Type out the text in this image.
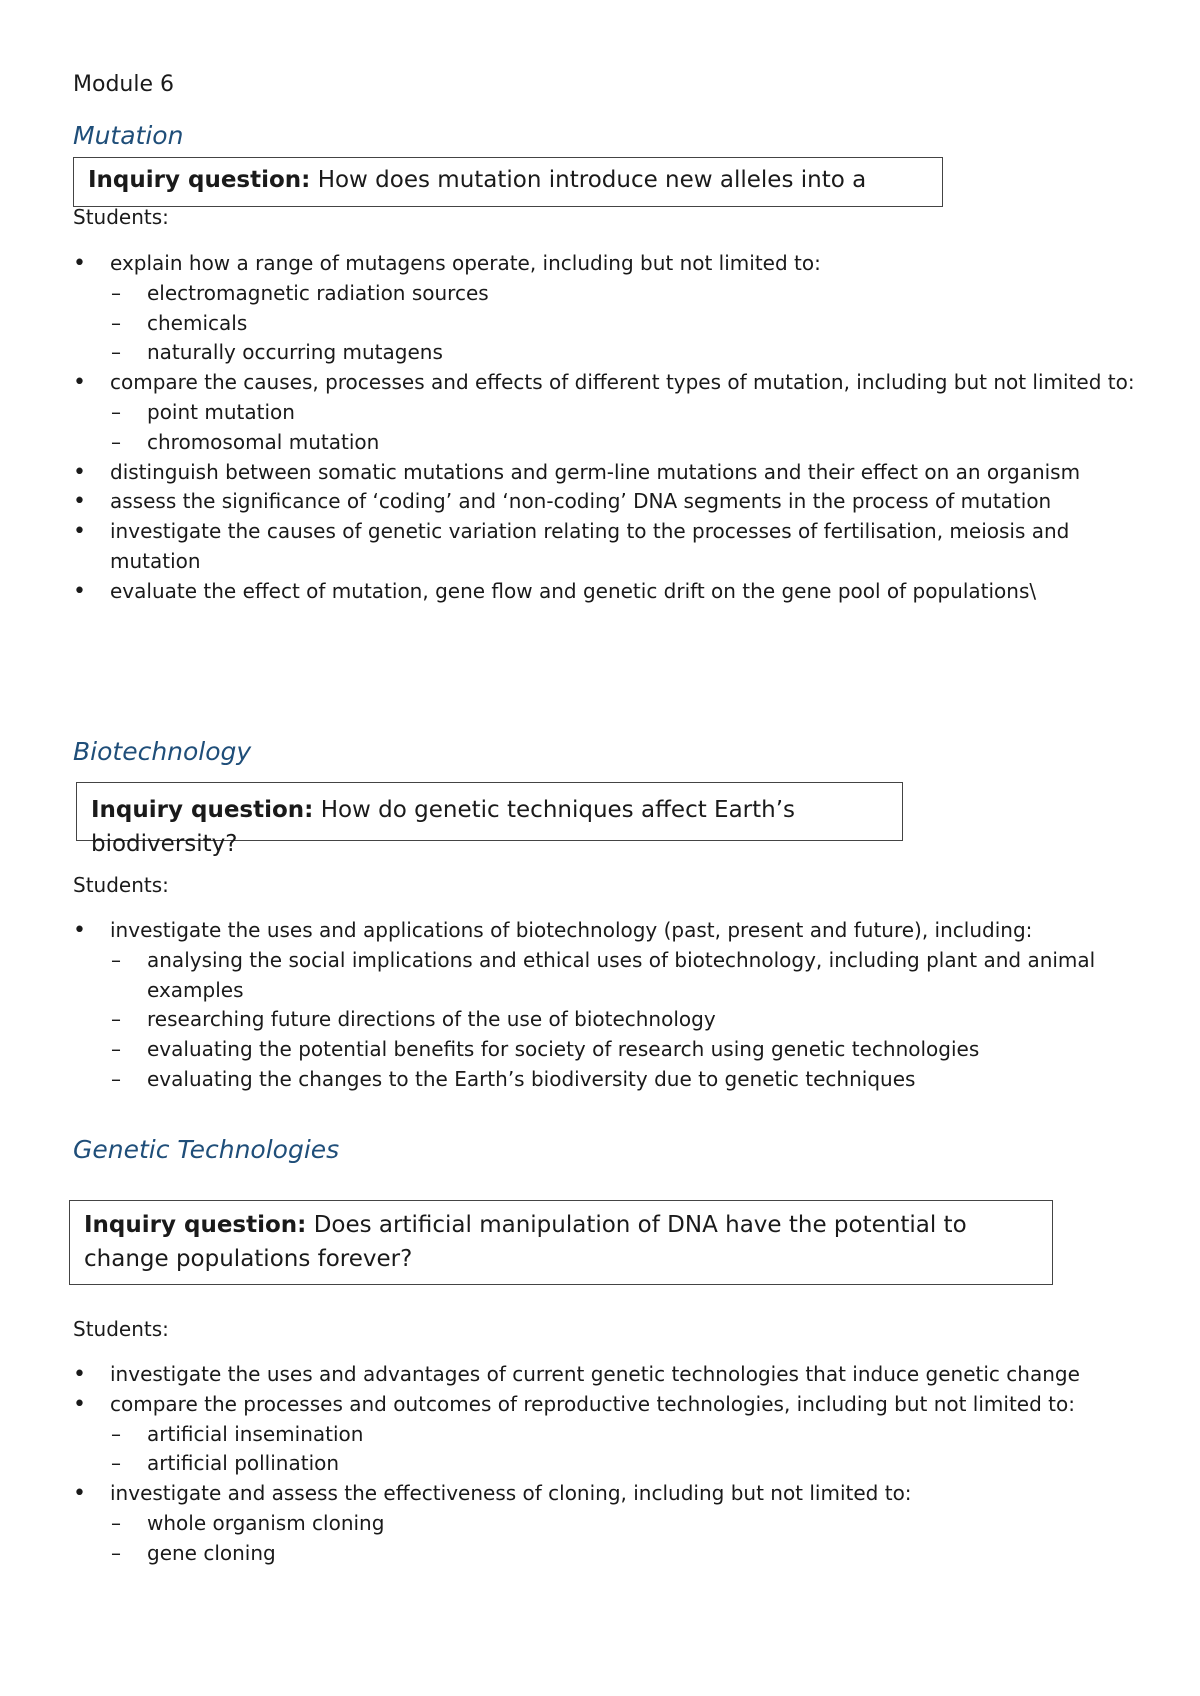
Module 6
Mutation
Inquiry question: How does mutation introduce new alleles into a
Students:
• explain how a range of mutagens operate, including but not limited to:
– electromagnetic radiation sources
– chemicals
– naturally occurring mutagens
• compare the causes, processes and effects of different types of mutation, including but not limited to:
– point mutation
– chromosomal mutation
• distinguish between somatic mutations and germ-line mutations and their effect on an organism
• assess the significance of ‘coding’ and ‘non-coding’ DNA segments in the process of mutation
• investigate the causes of genetic variation relating to the processes of fertilisation, meiosis and mutation
• evaluate the effect of mutation, gene flow and genetic drift on the gene pool of populations\
Biotechnology
Inquiry question: How do genetic techniques affect Earth’s biodiversity?
Students:
• investigate the uses and applications of biotechnology (past, present and future), including:
– analysing the social implications and ethical uses of biotechnology, including plant and animal examples
– researching future directions of the use of biotechnology
– evaluating the potential benefits for society of research using genetic technologies
– evaluating the changes to the Earth’s biodiversity due to genetic techniques
Genetic Technologies
Inquiry question: Does artificial manipulation of DNA have the potential to change populations forever?
Students:
• investigate the uses and advantages of current genetic technologies that induce genetic change
• compare the processes and outcomes of reproductive technologies, including but not limited to:
– artificial insemination
– artificial pollination
• investigate and assess the effectiveness of cloning, including but not limited to:
– whole organism cloning
– gene cloning
